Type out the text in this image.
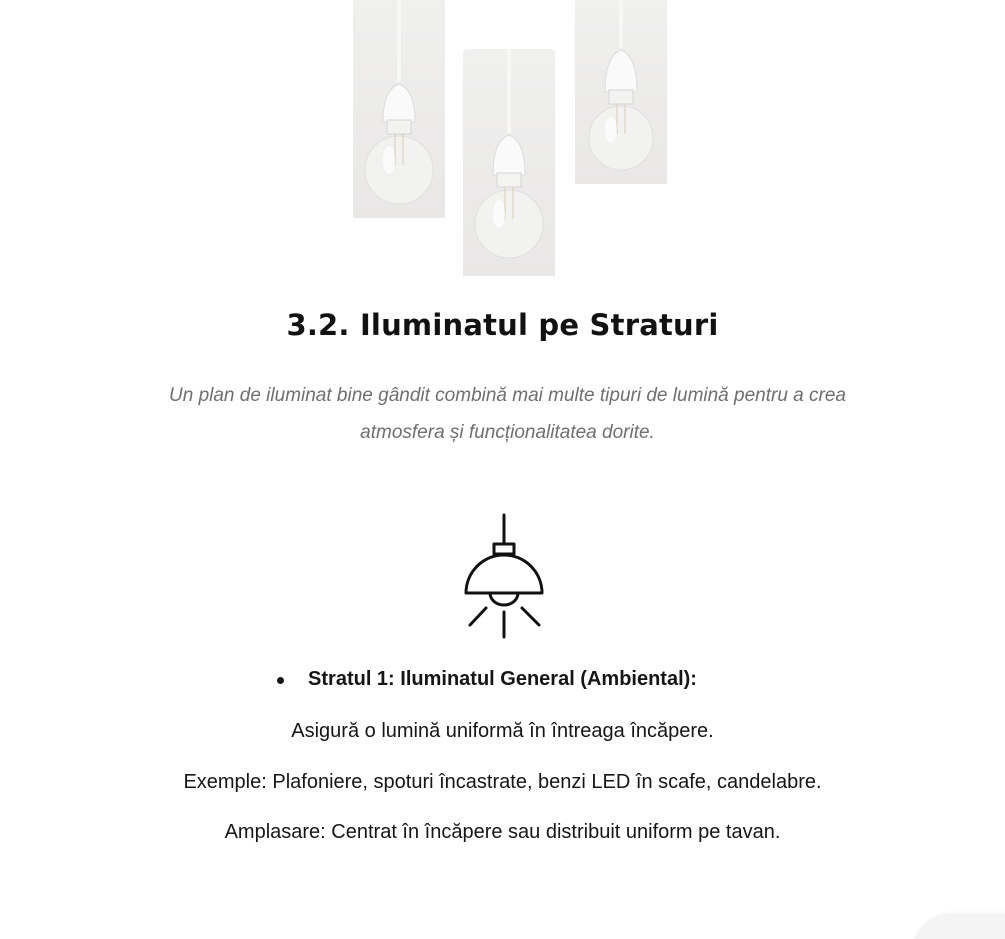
3.2. Iluminatul pe Straturi

Un plan de iluminat bine gândit combină mai multe tipuri de lumină pentru a crea atmosfera și funcționalitatea dorite.

Stratul 1: Iluminatul General (Ambiental):

Asigură o lumină uniformă în întreaga încăpere.

Exemple: Plafoniere, spoturi încastrate, benzi LED în scafe, candelabre.

Amplasare: Centrat în încăpere sau distribuit uniform pe tavan.
